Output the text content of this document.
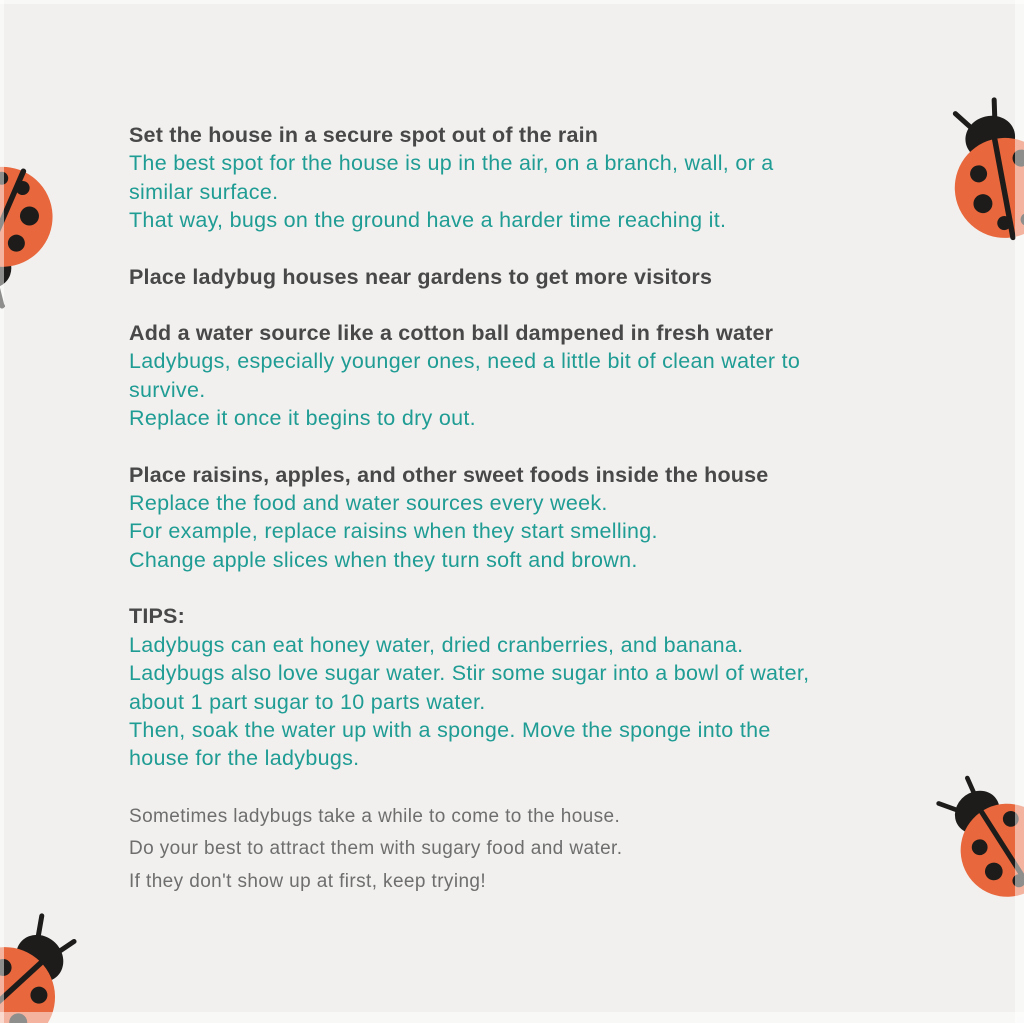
Set the house in a secure spot out of the rain

The best spot for the house is up in the air, on a branch, wall, or a

similar surface.

That way, bugs on the ground have a harder time reaching it.

Place ladybug houses near gardens to get more visitors
Add a water source like a cotton ball dampened in fresh water

Ladybugs, especially younger ones, need a little bit of clean water to

survive.

Replace it once it begins to dry out.

Place raisins, apples, and other sweet foods inside the house

Replace the food and water sources every week.

For example, replace raisins when they start smelling.

Change apple slices when they turn soft and brown.

TIPS:

Ladybugs can eat honey water, dried cranberries, and banana.

Ladybugs also love sugar water. Stir some sugar into a bowl of water,

about 1 part sugar to 10 parts water.

Then, soak the water up with a sponge. Move the sponge into the

house for the ladybugs.

Sometimes ladybugs take a while to come to the house.

Do your best to attract them with sugary food and water.

If they don't show up at first, keep trying!
